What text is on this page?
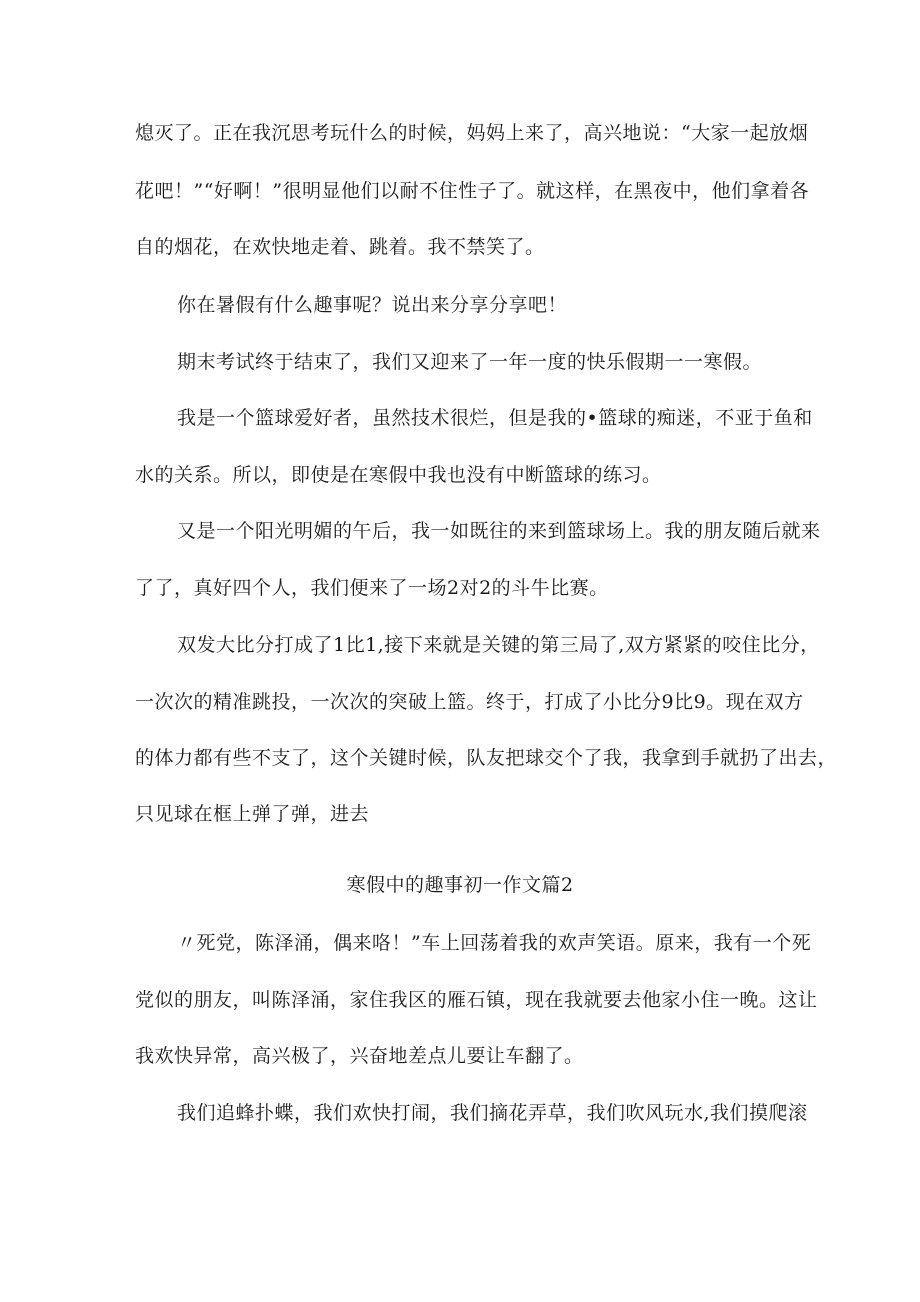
熄灭了。正在我沉思考玩什么的时候，妈妈上来了，高兴地说：“大家一起放烟
花吧！”“好啊！”很明显他们以耐不住性子了。就这样，在黑夜中，他们拿着各
自的烟花，在欢快地走着、跳着。我不禁笑了。
你在暑假有什么趣事呢？说出来分享分享吧！
期末考试终于结束了，我们又迎来了一年一度的快乐假期一一寒假。
我是一个篮球爱好者，虽然技术很烂，但是我的•篮球的痴迷，不亚于鱼和
水的关系。所以，即使是在寒假中我也没有中断篮球的练习。
又是一个阳光明媚的午后，我一如既往的来到篮球场上。我的朋友随后就来
了了，真好四个人，我们便来了一场2对2的斗牛比赛。
双发大比分打成了1比1,接下来就是关键的第三局了,双方紧紧的咬住比分，
一次次的精准跳投，一次次的突破上篮。终于，打成了小比分9比9。现在双方
的体力都有些不支了，这个关键时候，队友把球交个了我，我拿到手就扔了出去，
只见球在框上弹了弹，进去
寒假中的趣事初一作文篇2
〃死党，陈泽涌，偶来咯！”车上回荡着我的欢声笑语。原来，我有一个死
党似的朋友，叫陈泽涌，家住我区的雁石镇，现在我就要去他家小住一晚。这让
我欢快异常，高兴极了，兴奋地差点儿要让车翻了。
我们追蜂扑蝶，我们欢快打闹，我们摘花弄草，我们吹风玩水,我们摸爬滚
